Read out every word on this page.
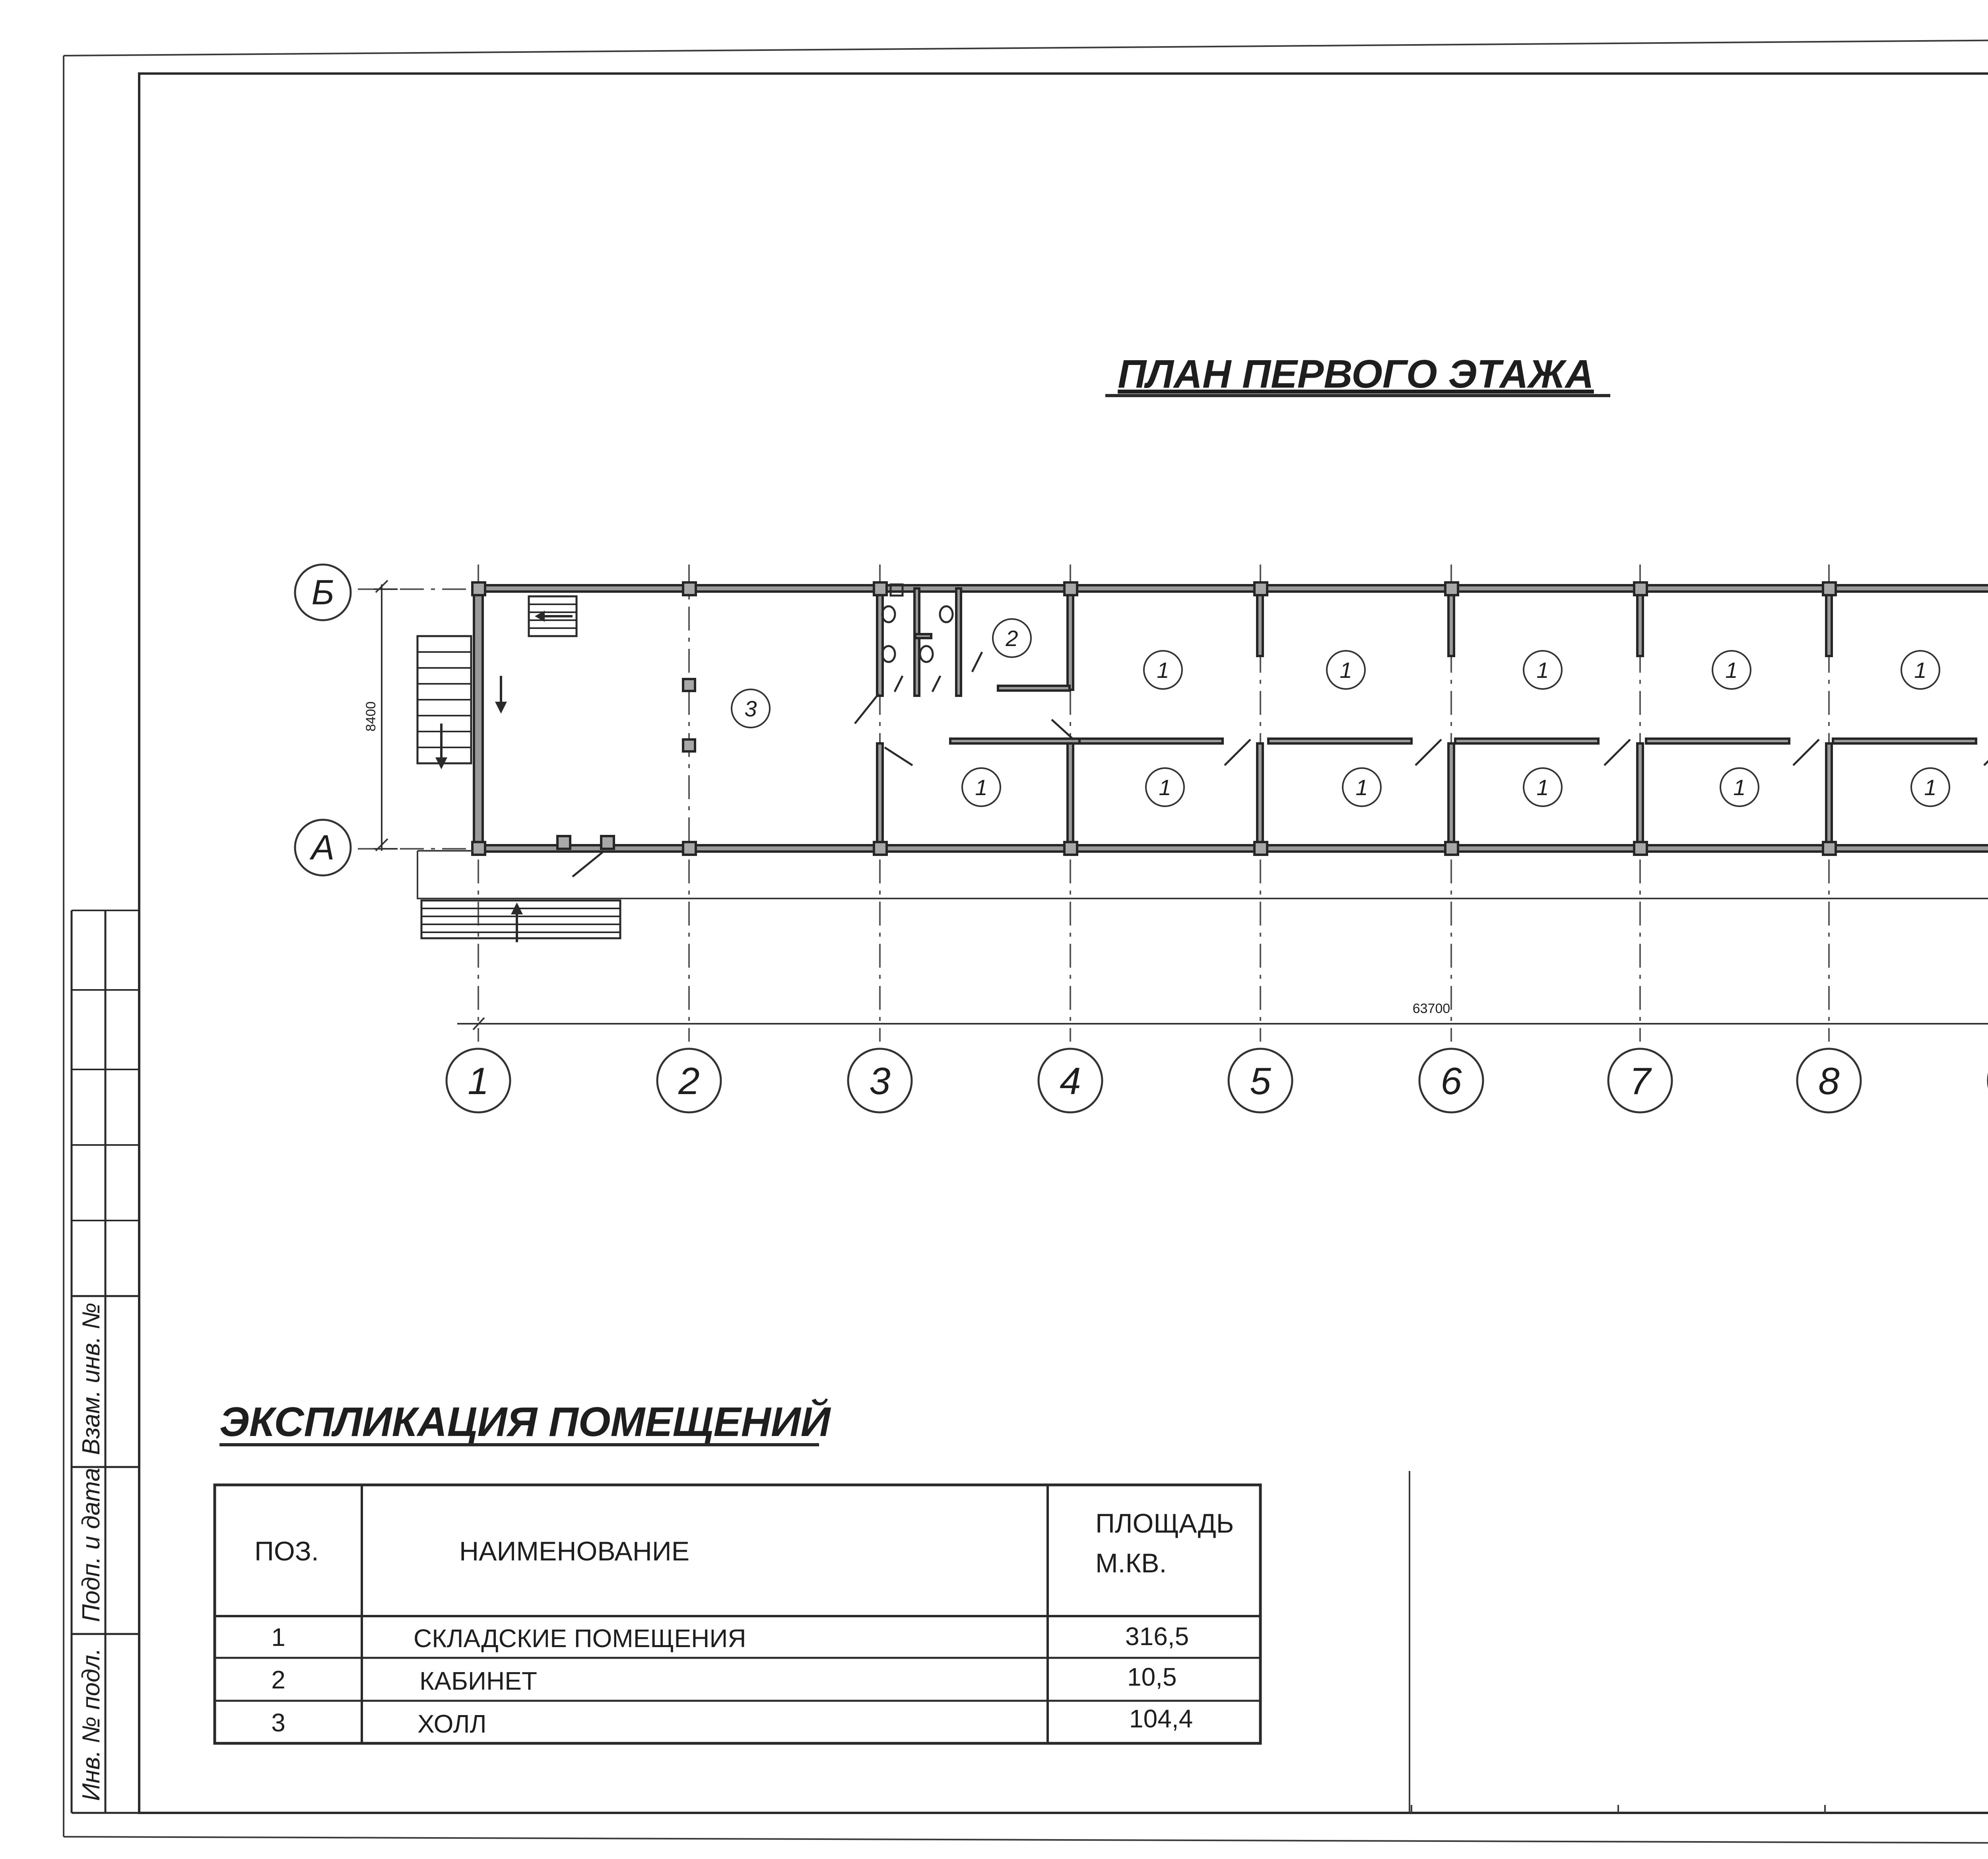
Взам. инв. №
Подп. и дата
Инв. № подл.
ПЛАН ПЕРВОГО ЭТАЖА
Б
А
8400
63700
3
2
1	1	1	1	1
1	1	1	1	1	1
1	2	3	4	5	6	7	8
ЭКСПЛИКАЦИЯ ПОМЕЩЕНИЙ
ПОЗ.	НАИМЕНОВАНИЕ
ПЛОЩАДЬ
М.КВ.
1	СКЛАДСКИЕ ПОМЕЩЕНИЯ	316,5
2	КАБИНЕТ	10,5
3	ХОЛЛ	104,4
